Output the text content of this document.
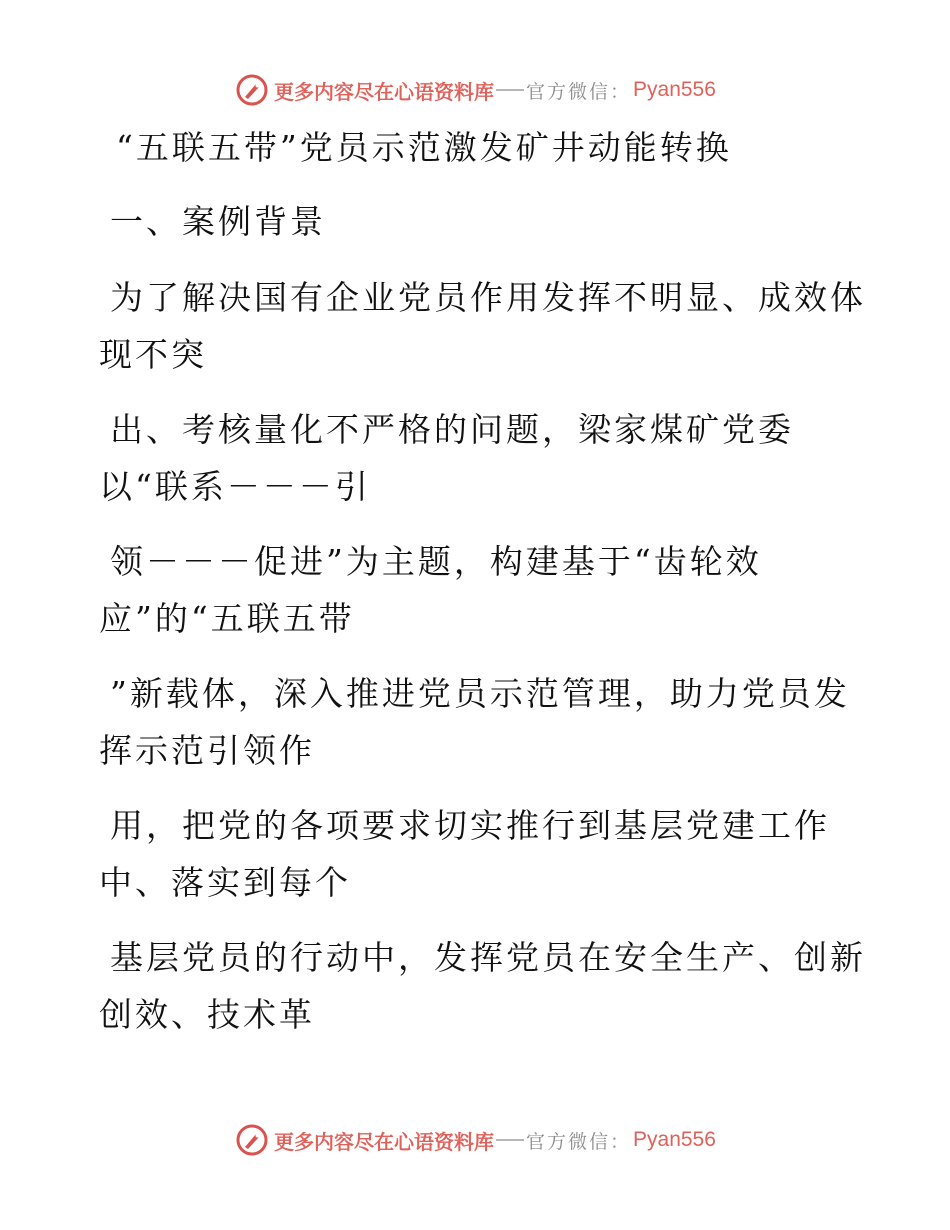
更多内容尽在心语资料库 官方微信： Pyan556
“五联五带”党员示范激发矿井动能转换
一、案例背景
为了解决国有企业党员作用发挥不明显、成效体
现不突
出、考核量化不严格的问题，梁家煤矿党委
以“联系－－－引
领－－－促进”为主题，构建基于“齿轮效
应”的“五联五带
”新载体，深入推进党员示范管理，助力党员发
挥示范引领作
用，把党的各项要求切实推行到基层党建工作
中、落实到每个
基层党员的行动中，发挥党员在安全生产、创新
创效、技术革
更多内容尽在心语资料库 官方微信： Pyan556
